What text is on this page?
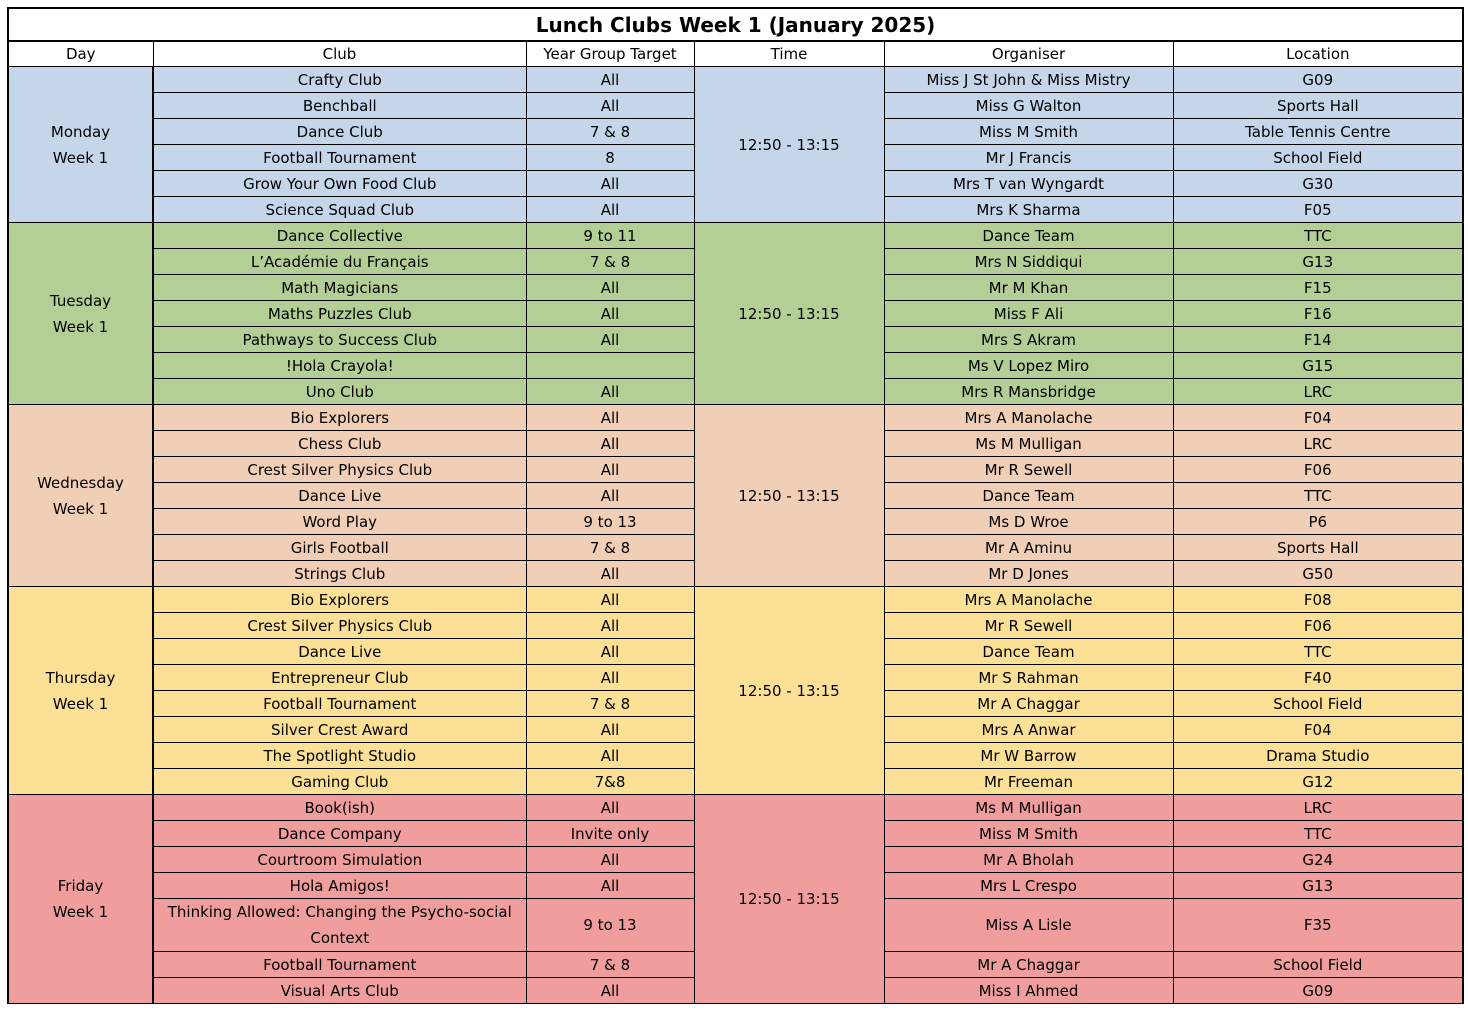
Lunch Clubs Week 1 (January 2025)					
Day	Club	Year Group Target	Time	Organiser	Location
Monday
Week 1	Crafty Club	All	12:50 - 13:15	Miss J St John & Miss Mistry	G09
	Benchball	All		Miss G Walton	Sports Hall
	Dance Club	7 & 8		Miss M Smith	Table Tennis Centre
	Football Tournament	8		Mr J Francis	School Field
	Grow Your Own Food Club	All		Mrs T van Wyngardt	G30
	Science Squad Club	All		Mrs K Sharma	F05
Tuesday
Week 1	Dance Collective	9 to 11	12:50 - 13:15	Dance Team	TTC
	L’Académie du Français	7 & 8		Mrs N Siddiqui	G13
	Math Magicians	All		Mr M Khan	F15
	Maths Puzzles Club	All		Miss F Ali	F16
	Pathways to Success Club	All		Mrs S Akram	F14
	!Hola Crayola!			Ms V Lopez Miro	G15
	Uno Club	All		Mrs R Mansbridge	LRC
Wednesday
Week 1	Bio Explorers	All	12:50 - 13:15	Mrs A Manolache	F04
	Chess Club	All		Ms M Mulligan	LRC
	Crest Silver Physics Club	All		Mr R Sewell	F06
	Dance Live	All		Dance Team	TTC
	Word Play	9 to 13		Ms D Wroe	P6
	Girls Football	7 & 8		Mr A Aminu	Sports Hall
	Strings Club	All		Mr D Jones	G50
Thursday
Week 1	Bio Explorers	All	12:50 - 13:15	Mrs A Manolache	F08
	Crest Silver Physics Club	All		Mr R Sewell	F06
	Dance Live	All		Dance Team	TTC
	Entrepreneur Club	All		Mr S Rahman	F40
	Football Tournament	7 & 8		Mr A Chaggar	School Field
	Silver Crest Award	All		Mrs A Anwar	F04
	The Spotlight Studio	All		Mr W Barrow	Drama Studio
	Gaming Club	7&8		Mr Freeman	G12
Friday
Week 1	Book(ish)	All	12:50 - 13:15	Ms M Mulligan	LRC
	Dance Company	Invite only		Miss M Smith	TTC
	Courtroom Simulation	All		Mr A Bholah	G24
	Hola Amigos!	All		Mrs L Crespo	G13
	Thinking Allowed: Changing the Psycho-social Context	9 to 13		Miss A Lisle	F35
	Football Tournament	7 & 8		Mr A Chaggar	School Field
	Visual Arts Club	All		Miss I Ahmed	G09
